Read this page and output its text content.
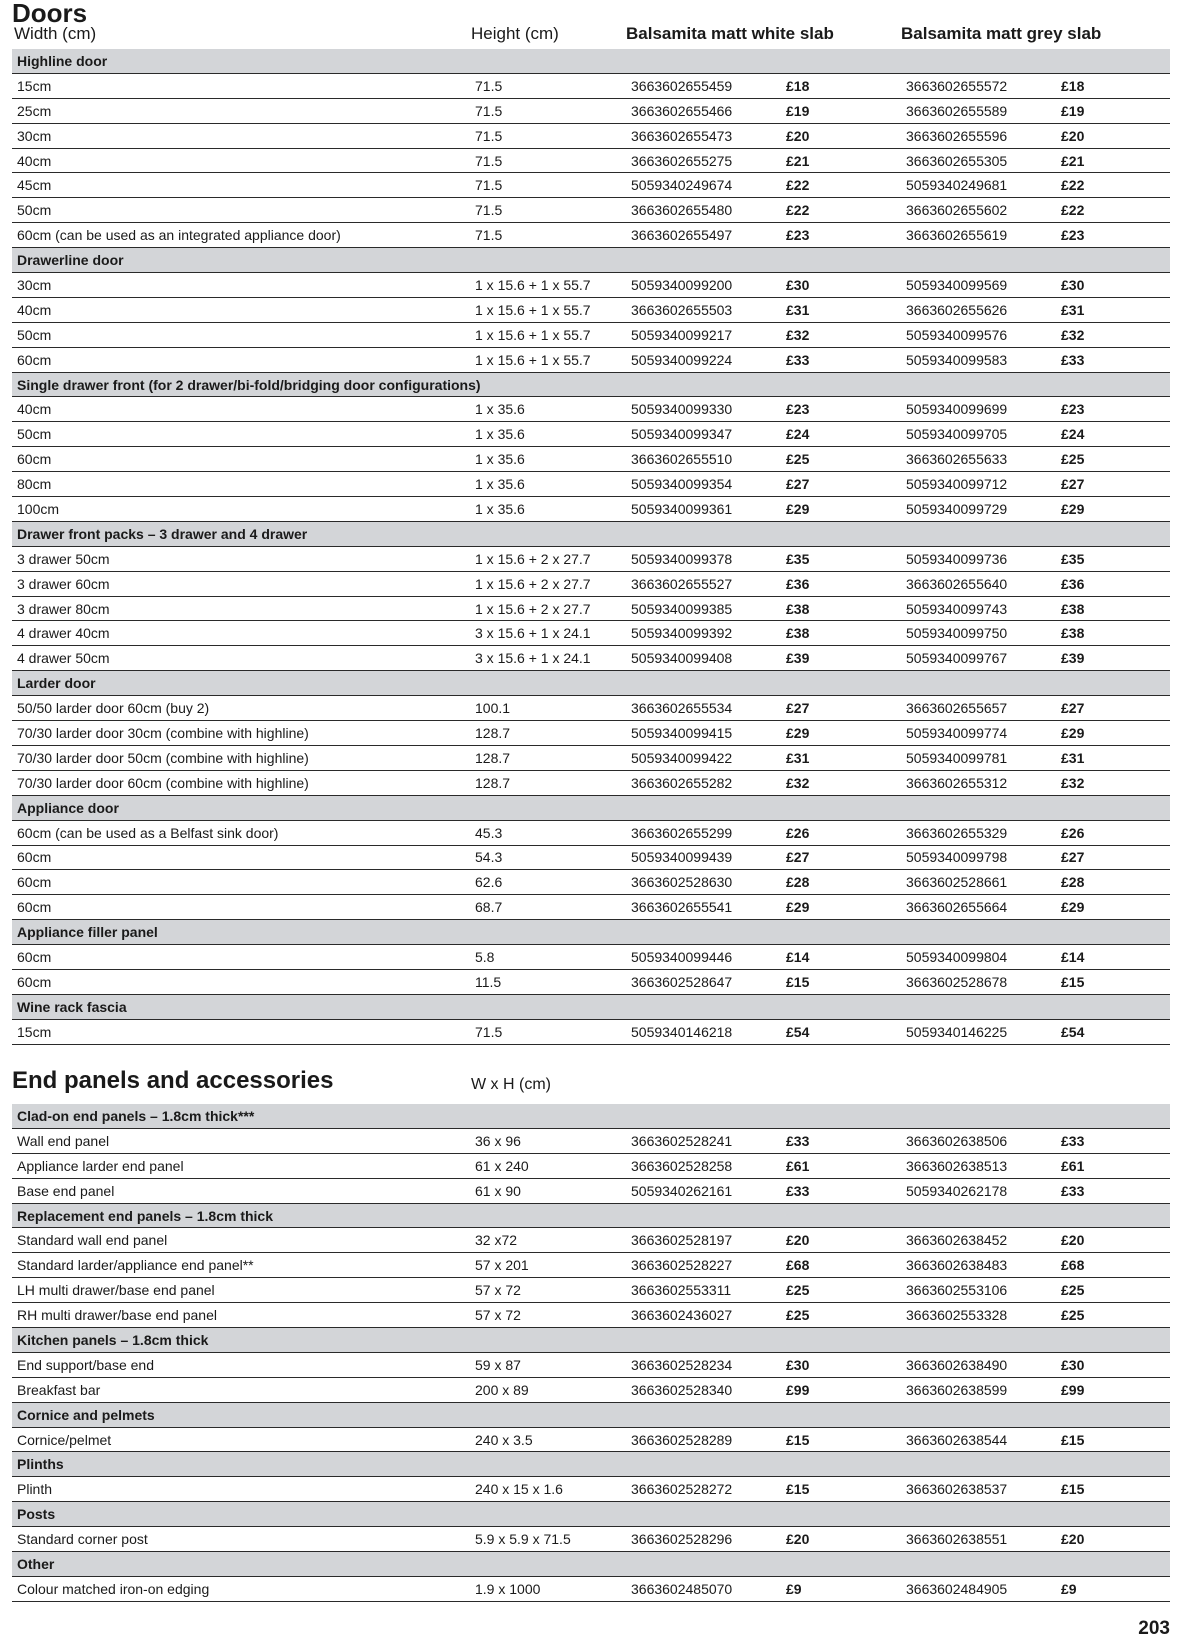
Doors
Width (cm)	Height (cm)	Balsamita matt white slab	Balsamita matt grey slab
Highline door					
15cm	71.5	3663602655459	£18	3663602655572	£18
25cm	71.5	3663602655466	£19	3663602655589	£19
30cm	71.5	3663602655473	£20	3663602655596	£20
40cm	71.5	3663602655275	£21	3663602655305	£21
45cm	71.5	5059340249674	£22	5059340249681	£22
50cm	71.5	3663602655480	£22	3663602655602	£22
60cm (can be used as an integrated appliance door)	71.5	3663602655497	£23	3663602655619	£23
Drawerline door					
30cm	1 x 15.6 + 1 x 55.7	5059340099200	£30	5059340099569	£30
40cm	1 x 15.6 + 1 x 55.7	3663602655503	£31	3663602655626	£31
50cm	1 x 15.6 + 1 x 55.7	5059340099217	£32	5059340099576	£32
60cm	1 x 15.6 + 1 x 55.7	5059340099224	£33	5059340099583	£33
Single drawer front (for 2 drawer/bi-fold/bridging door configurations)					
40cm	1 x 35.6	5059340099330	£23	5059340099699	£23
50cm	1 x 35.6	5059340099347	£24	5059340099705	£24
60cm	1 x 35.6	3663602655510	£25	3663602655633	£25
80cm	1 x 35.6	5059340099354	£27	5059340099712	£27
100cm	1 x 35.6	5059340099361	£29	5059340099729	£29
Drawer front packs – 3 drawer and 4 drawer					
3 drawer 50cm	1 x 15.6 + 2 x 27.7	5059340099378	£35	5059340099736	£35
3 drawer 60cm	1 x 15.6 + 2 x 27.7	3663602655527	£36	3663602655640	£36
3 drawer 80cm	1 x 15.6 + 2 x 27.7	5059340099385	£38	5059340099743	£38
4 drawer 40cm	3 x 15.6 + 1 x 24.1	5059340099392	£38	5059340099750	£38
4 drawer 50cm	3 x 15.6 + 1 x 24.1	5059340099408	£39	5059340099767	£39
Larder door					
50/50 larder door 60cm (buy 2)	100.1	3663602655534	£27	3663602655657	£27
70/30 larder door 30cm (combine with highline)	128.7	5059340099415	£29	5059340099774	£29
70/30 larder door 50cm (combine with highline)	128.7	5059340099422	£31	5059340099781	£31
70/30 larder door 60cm (combine with highline)	128.7	3663602655282	£32	3663602655312	£32
Appliance door					
60cm (can be used as a Belfast sink door)	45.3	3663602655299	£26	3663602655329	£26
60cm	54.3	5059340099439	£27	5059340099798	£27
60cm	62.6	3663602528630	£28	3663602528661	£28
60cm	68.7	3663602655541	£29	3663602655664	£29
Appliance filler panel					
60cm	5.8	5059340099446	£14	5059340099804	£14
60cm	11.5	3663602528647	£15	3663602528678	£15
Wine rack fascia					
15cm	71.5	5059340146218	£54	5059340146225	£54
End panels and accessories	W x H (cm)
Clad-on end panels – 1.8cm thick***					
Wall end panel	36 x 96	3663602528241	£33	3663602638506	£33
Appliance larder end panel	61 x 240	3663602528258	£61	3663602638513	£61
Base end panel	61 x 90	5059340262161	£33	5059340262178	£33
Replacement end panels – 1.8cm thick					
Standard wall end panel	32 x72	3663602528197	£20	3663602638452	£20
Standard larder/appliance end panel**	57 x 201	3663602528227	£68	3663602638483	£68
LH multi drawer/base end panel	57 x 72	3663602553311	£25	3663602553106	£25
RH multi drawer/base end panel	57 x 72	3663602436027	£25	3663602553328	£25
Kitchen panels – 1.8cm thick					
End support/base end	59 x 87	3663602528234	£30	3663602638490	£30
Breakfast bar	200 x 89	3663602528340	£99	3663602638599	£99
Cornice and pelmets					
Cornice/pelmet	240 x 3.5	3663602528289	£15	3663602638544	£15
Plinths					
Plinth	240 x 15 x 1.6	3663602528272	£15	3663602638537	£15
Posts					
Standard corner post	5.9 x 5.9 x 71.5	3663602528296	£20	3663602638551	£20
Other					
Colour matched iron-on edging	1.9 x 1000	3663602485070	£9	3663602484905	£9
203
